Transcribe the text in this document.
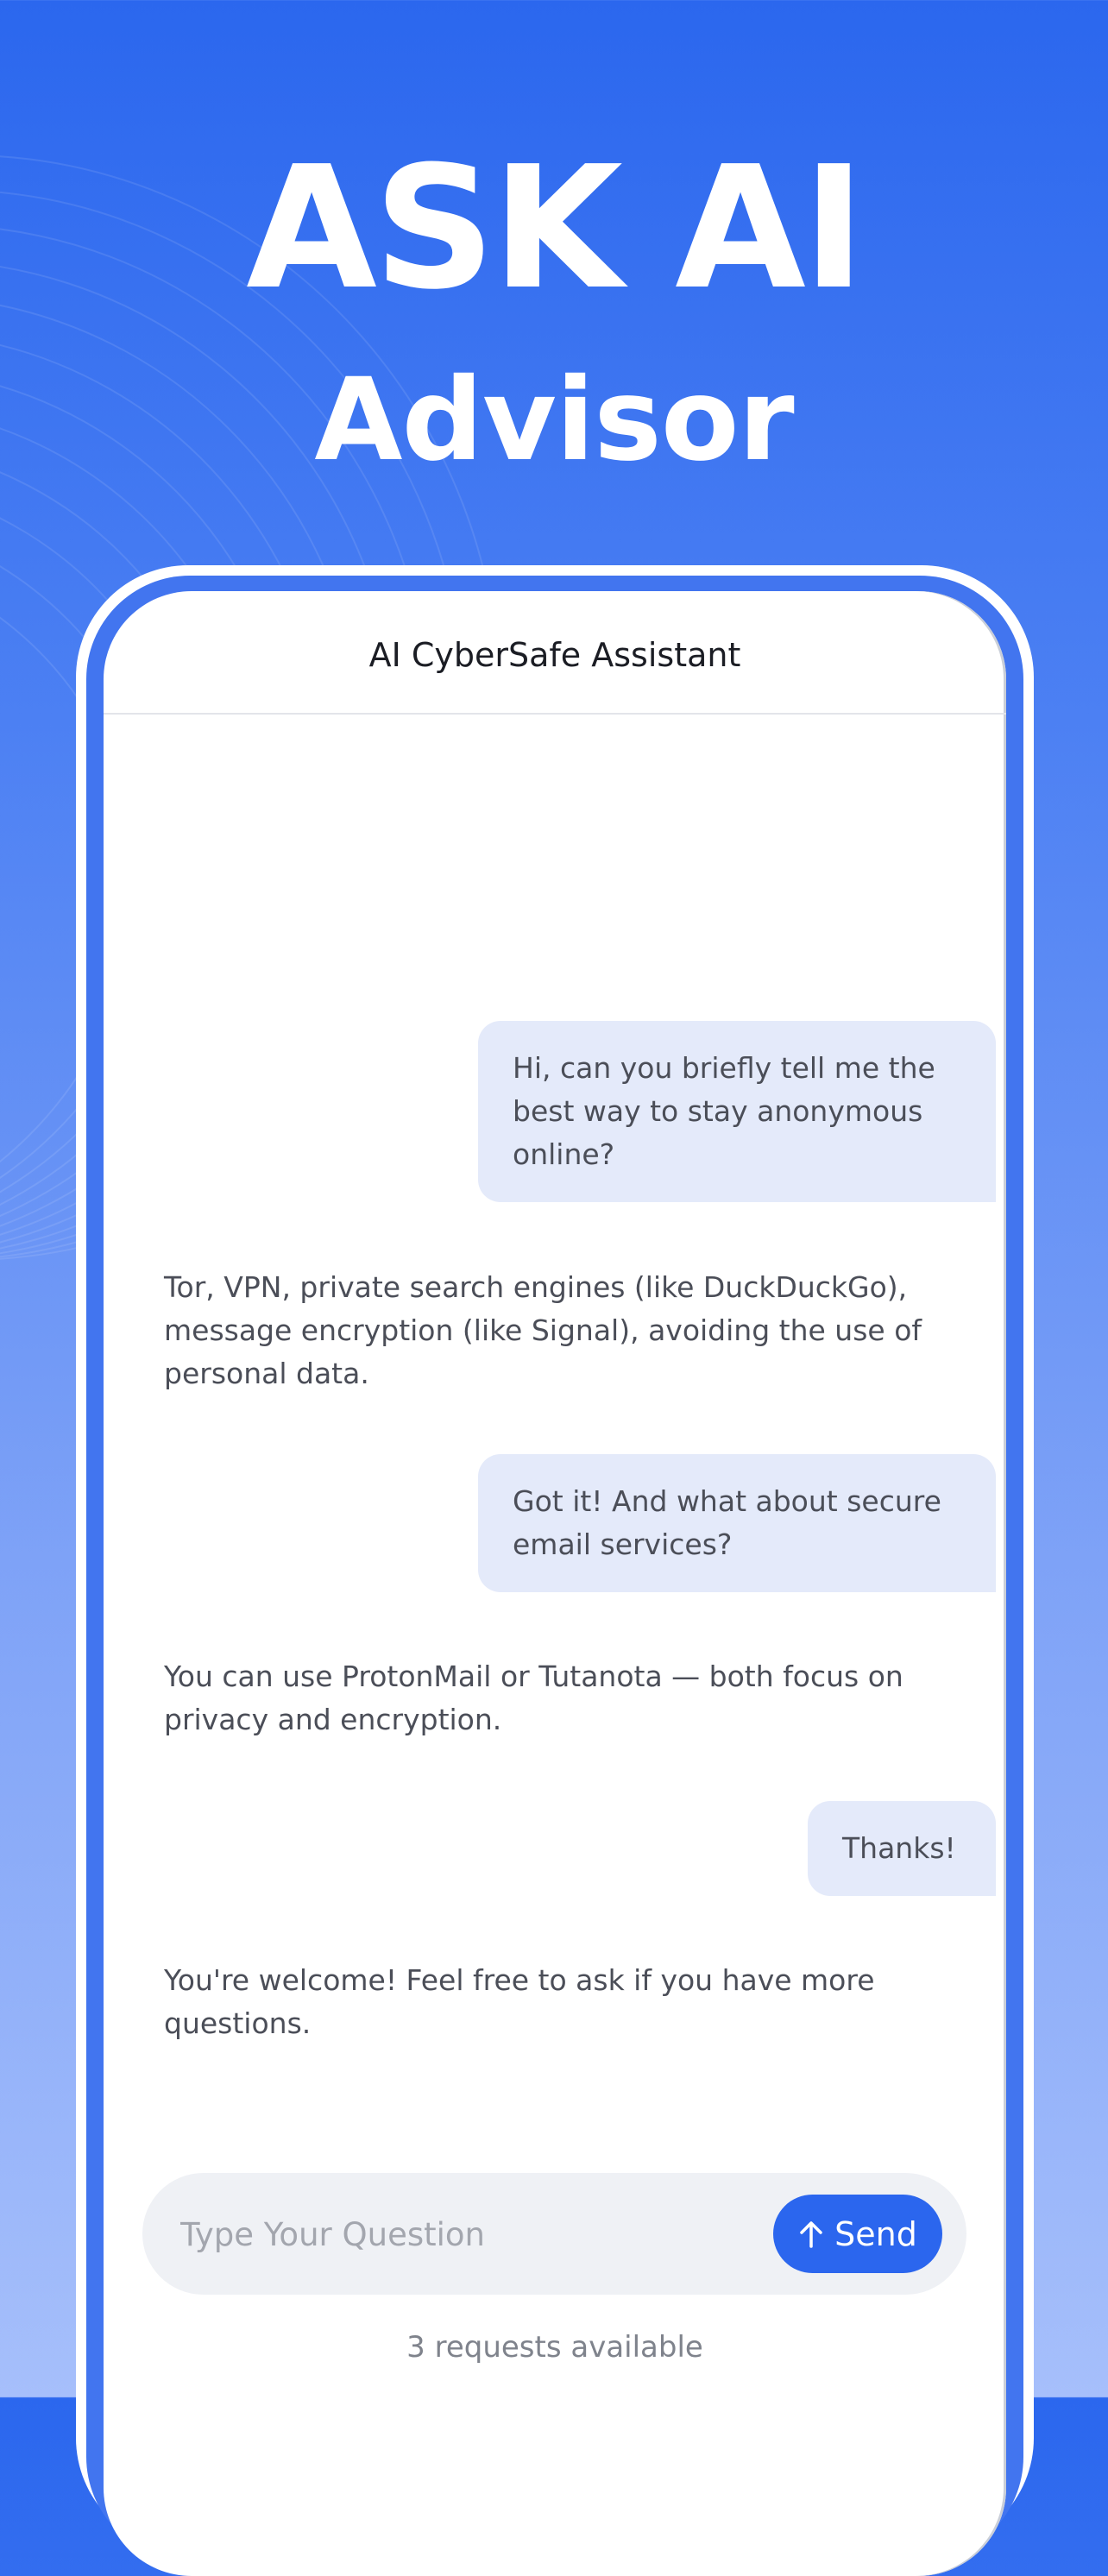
ASK AI
Advisor
AI CyberSafe Assistant
Hi, can you briefly tell me the best way to stay anonymous online?
Tor, VPN, private search engines (like DuckDuckGo), message encryption (like Signal), avoiding the use of personal data.
Got it! And what about secure email services?
You can use ProtonMail or Tutanota — both focus on privacy and encryption.
Thanks!
You're welcome! Feel free to ask if you have more questions.
Type Your Question
Send
3 requests available
